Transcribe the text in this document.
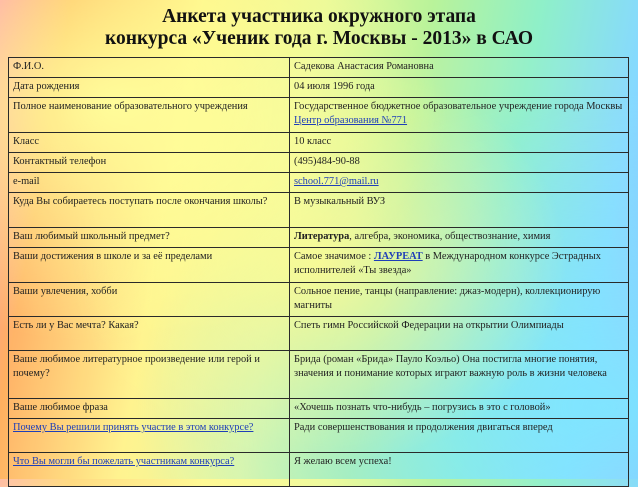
Анкета участника окружного этапа
конкурса «Ученик года г. Москвы - 2013» в САО
Ф.И.О.	Садекова Анастасия Романовна
Дата рождения	04 июля 1996 года
Полное наименование образовательного учреждения	Государственное бюджетное образовательное учреждение города Москвы Центр образования №771
Класс	10 класс
Контактный телефон	(495)484-90-88
e-mail	school.771@mail.ru
Куда Вы собираетесь поступать после окончания школы?	В музыкальный ВУЗ
Ваш любимый школьный предмет?	Литература, алгебра, экономика, обществознание, химия
Ваши достижения в школе и за её пределами	Самое значимое : ЛАУРЕАТ в Международном конкурсе Эстрадных исполнителей «Ты звезда»
Ваши увлечения, хобби	Сольное пение, танцы (направление: джаз-модерн), коллекционирую магниты
Есть ли у Вас мечта? Какая?	Спеть гимн Российской Федерации на открытии Олимпиады
Ваше любимое литературное произведение или герой и почему?	Брида (роман «Брида» Пауло Коэльо) Она постигла многие понятия, значения и понимание которых играют важную роль в жизни человека
Ваше любимое фраза	«Хочешь познать что-нибудь – погрузись в это с головой»
Почему Вы решили принять участие в этом конкурсе?	Ради совершенствования и продолжения двигаться вперед
Что Вы могли бы пожелать участникам конкурса?	Я желаю всем успеха!
